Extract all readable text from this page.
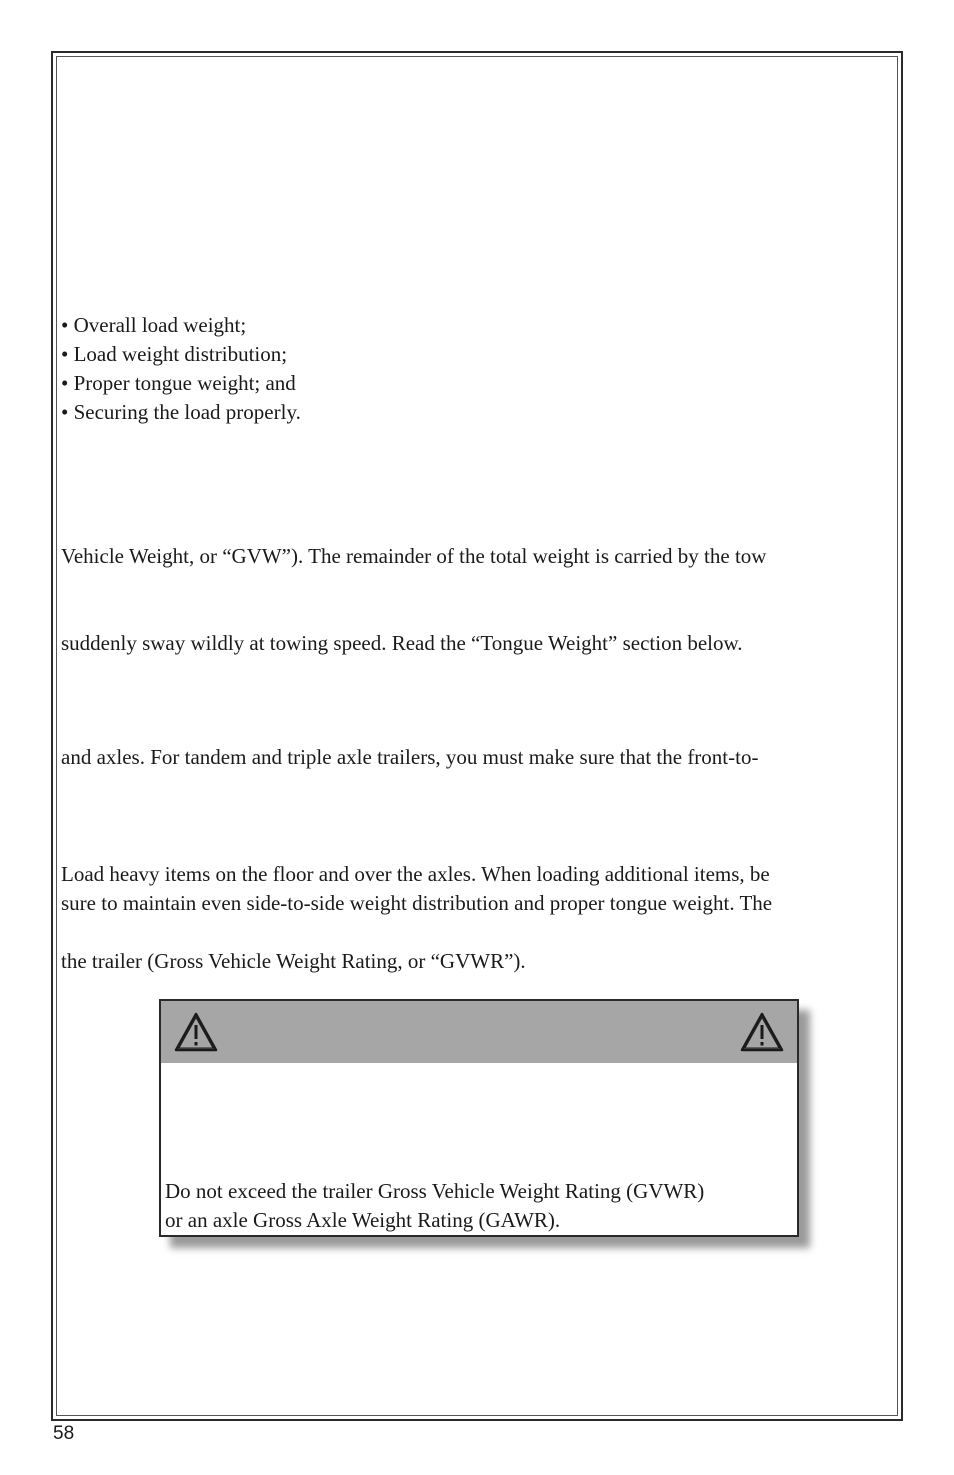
• Overall load weight;
• Load weight distribution;
• Proper tongue weight; and
• Securing the load properly.
Vehicle Weight, or “GVW”). The remainder of the total weight is carried by the tow
suddenly sway wildly at towing speed. Read the “Tongue Weight” section below.
and axles. For tandem and triple axle trailers, you must make sure that the front-to-
Load heavy items on the floor and over the axles. When loading additional items, be
sure to maintain even side-to-side weight distribution and proper tongue weight. The
the trailer (Gross Vehicle Weight Rating, or “GVWR”).
Do not exceed the trailer Gross Vehicle Weight Rating (GVWR)
or an axle Gross Axle Weight Rating (GAWR).
58
